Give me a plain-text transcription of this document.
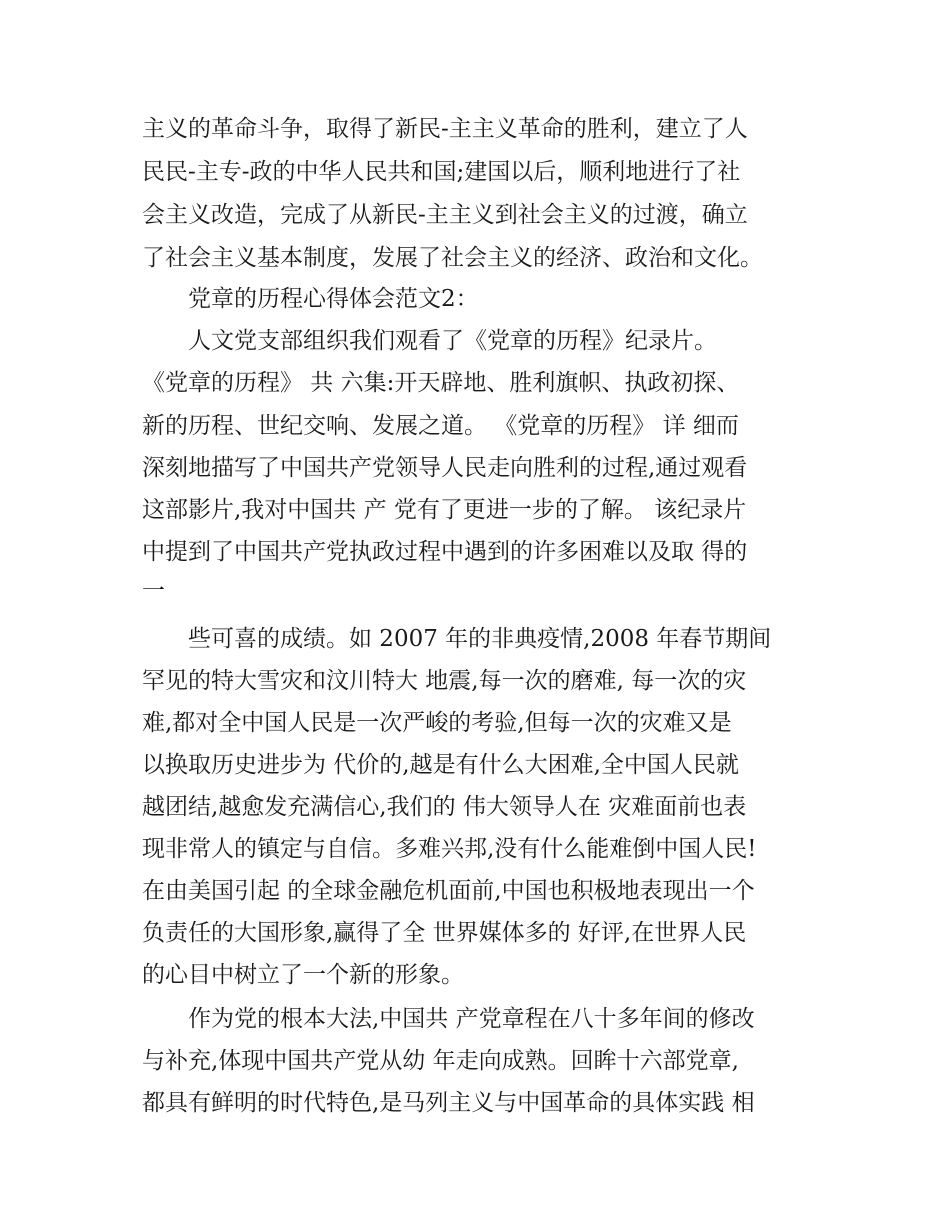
主义的革命斗争，取得了新民-主主义革命的胜利，建立了人
民民-主专-政的中华人民共和国;建国以后，顺利地进行了社
会主义改造，完成了从新民-主主义到社会主义的过渡，确立
了社会主义基本制度，发展了社会主义的经济、政治和文化。
党章的历程心得体会范文2：
人文党支部组织我们观看了《党章的历程》纪录片。
《党章的历程》 共 六集:开天辟地、胜利旗帜、执政初探、
新的历程、世纪交响、发展之道。 《党章的历程》 详 细而
深刻地描写了中国共产党领导人民走向胜利的过程,通过观看
这部影片,我对中国共 产 党有了更进一步的了解。 该纪录片
中提到了中国共产党执政过程中遇到的许多困难以及取 得的
一
些可喜的成绩。如 2007 年的非典疫情,2008 年春节期间
罕见的特大雪灾和汶川特大 地震,每一次的磨难, 每一次的灾
难,都对全中国人民是一次严峻的考验,但每一次的灾难又是
以换取历史进步为 代价的,越是有什么大困难,全中国人民就
越团结,越愈发充满信心,我们的 伟大领导人在 灾难面前也表
现非常人的镇定与自信。多难兴邦,没有什么能难倒中国人民!
在由美国引起 的全球金融危机面前,中国也积极地表现出一个
负责任的大国形象,赢得了全 世界媒体多的 好评,在世界人民
的心目中树立了一个新的形象。
作为党的根本大法,中国共 产党章程在八十多年间的修改
与补充,体现中国共产党从幼 年走向成熟。回眸十六部党章,
都具有鲜明的时代特色,是马列主义与中国革命的具体实践 相
